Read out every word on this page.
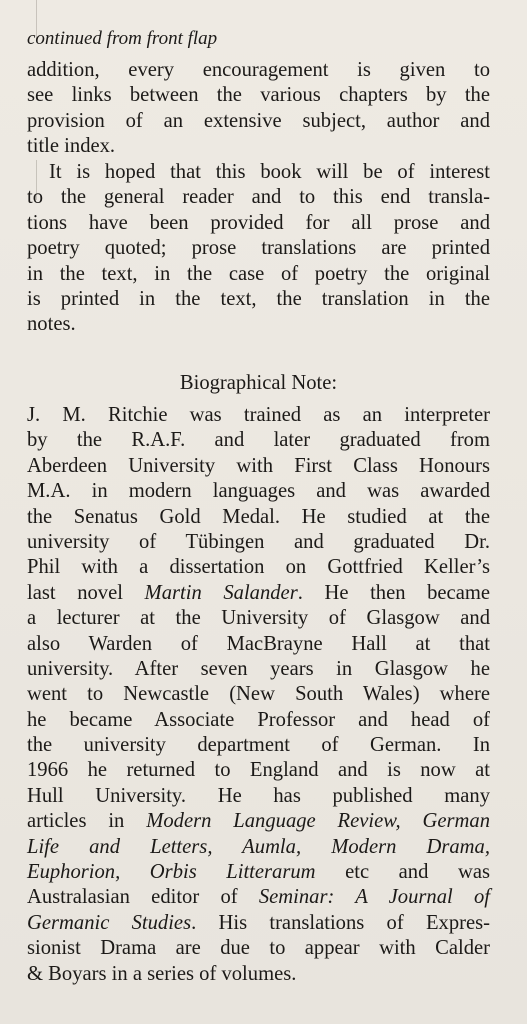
continued from front flap
addition, every encouragement is given to
see links between the various chapters by the
provision of an extensive subject, author and
title index.
It is hoped that this book will be of interest
to the general reader and to this end transla-
tions have been provided for all prose and
poetry quoted; prose translations are printed
in the text, in the case of poetry the original
is printed in the text, the translation in the
notes.
Biographical Note:
J. M. Ritchie was trained as an interpreter
by the R.A.F. and later graduated from
Aberdeen University with First Class Honours
M.A. in modern languages and was awarded
the Senatus Gold Medal. He studied at the
university of Tübingen and graduated Dr.
Phil with a dissertation on Gottfried Keller’s
last novel Martin Salander. He then became
a lecturer at the University of Glasgow and
also Warden of MacBrayne Hall at that
university. After seven years in Glasgow he
went to Newcastle (New South Wales) where
he became Associate Professor and head of
the university department of German. In
1966 he returned to England and is now at
Hull University. He has published many
articles in Modern Language Review, German
Life and Letters, Aumla, Modern Drama,
Euphorion, Orbis Litterarum etc and was
Australasian editor of Seminar: A Journal of
Germanic Studies. His translations of Expres-
sionist Drama are due to appear with Calder
& Boyars in a series of volumes.
